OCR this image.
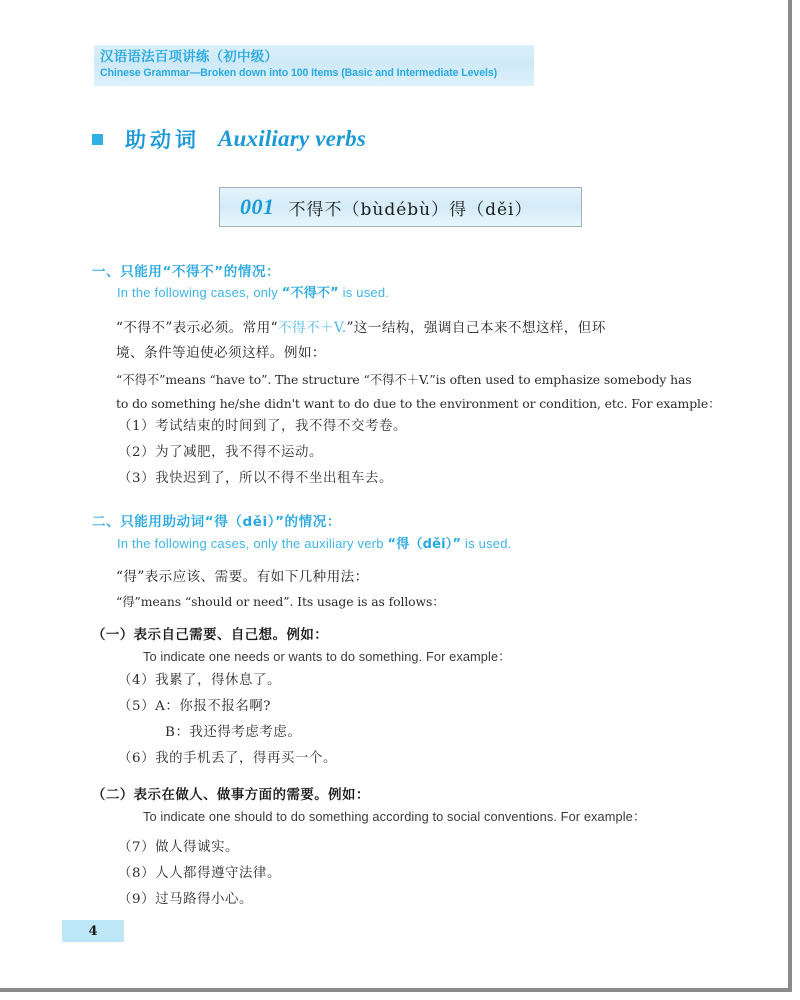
汉语语法百项讲练（初中级）
Chinese Grammar—Broken down into 100 Items (Basic and Intermediate Levels)
助动词 Auxiliary verbs
001 不得不（bùdébù）得（děi）
一、只能用“不得不”的情况：
In the following cases, only “不得不” is used.
“不得不”表示必须。常用“不得不＋V.”这一结构，强调自己本来不想这样，但环
境、条件等迫使必须这样。例如：
“不得不”means “have to”. The structure “不得不＋V.”is often used to emphasize somebody has
to do something he/she didn't want to do due to the environment or condition, etc. For example：
（1）考试结束的时间到了，我不得不交考卷。
（2）为了减肥，我不得不运动。
（3）我快迟到了，所以不得不坐出租车去。
二、只能用助动词“得（děi）”的情况：
In the following cases, only the auxiliary verb “得（děi）” is used.
“得”表示应该、需要。有如下几种用法：
“得”means “should or need”. Its usage is as follows：
（一）表示自己需要、自己想。例如：
To indicate one needs or wants to do something. For example：
（4）我累了，得休息了。
（5）A：你报不报名啊?
B：我还得考虑考虑。
（6）我的手机丢了，得再买一个。
（二）表示在做人、做事方面的需要。例如：
To indicate one should to do something according to social conventions. For example：
（7）做人得诚实。
（8）人人都得遵守法律。
（9）过马路得小心。
4
